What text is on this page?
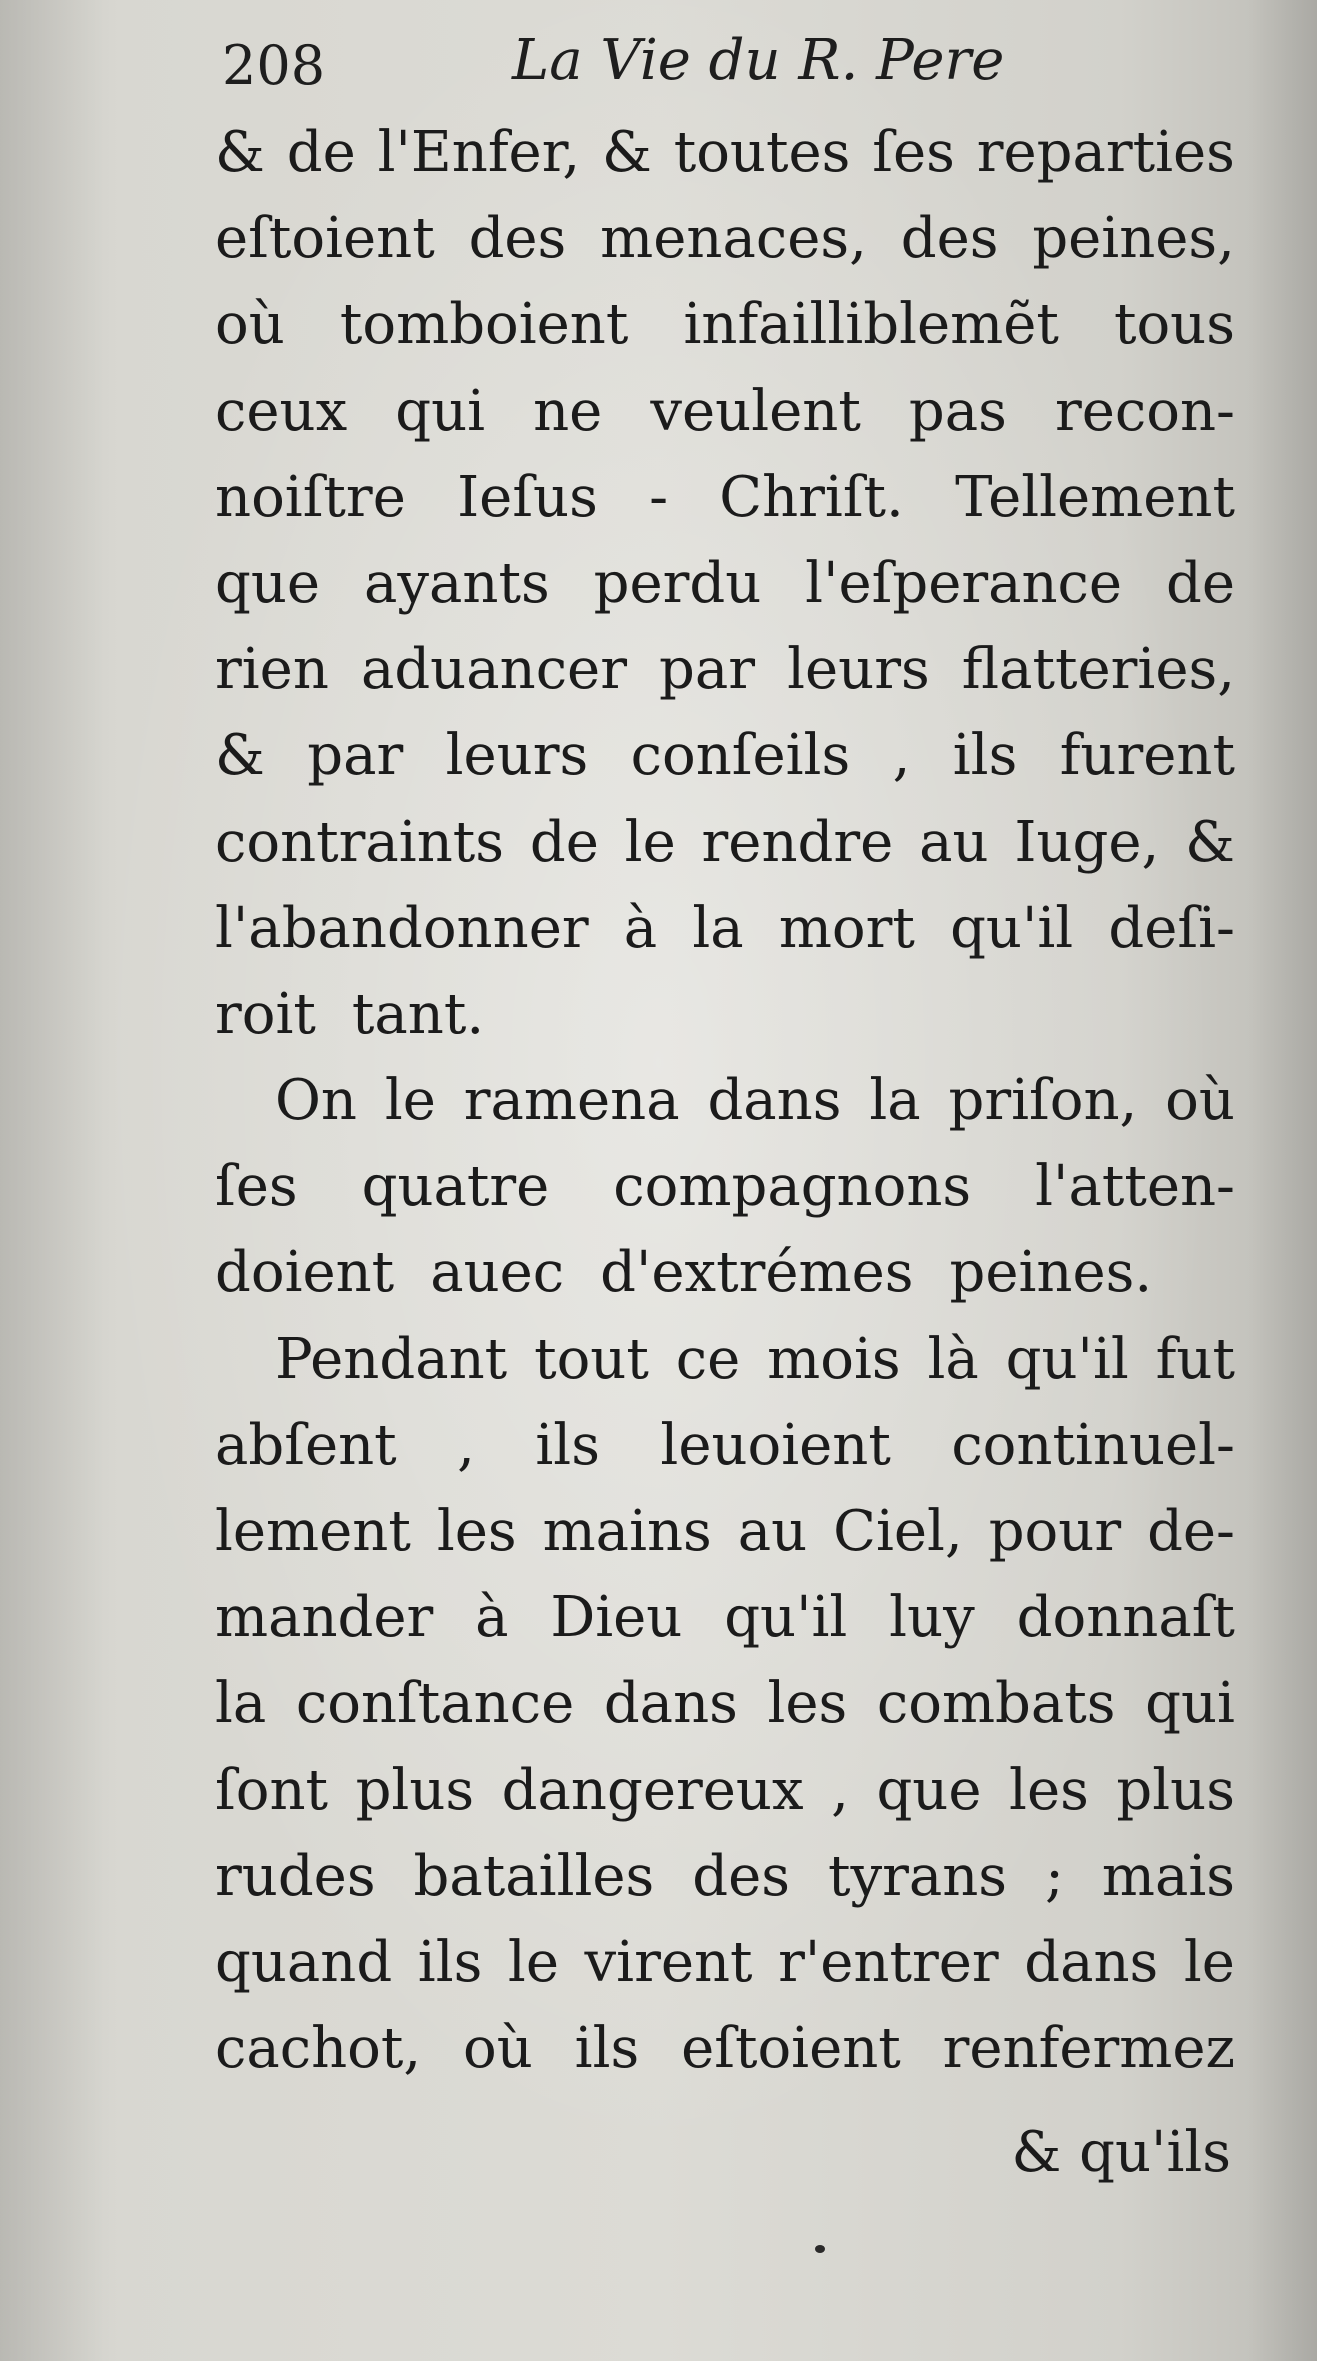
208	La Vie du R. Pere
& de l'Enfer, & toutes ſes reparties
eſtoient des menaces, des peines,
où tomboient infailliblemẽt tous
ceux qui ne veulent pas recon-
noiſtre Ieſus - Chriſt. Tellement
que ayants perdu l'eſperance de
rien aduancer par leurs flatteries,
& par leurs conſeils , ils furent
contraints de le rendre au Iuge, &
l'abandonner à la mort qu'il deſi-
roit tant.
On le ramena dans la priſon, où
ſes quatre compagnons l'atten-
doient auec d'extrémes peines.
Pendant tout ce mois là qu'il fut
abſent , ils leuoient continuel-
lement les mains au Ciel, pour de-
mander à Dieu qu'il luy donnaſt
la conſtance dans les combats qui
ſont plus dangereux , que les plus
rudes batailles des tyrans ; mais
quand ils le virent r'entrer dans le
cachot, où ils eſtoient renfermez
& qu'ils
